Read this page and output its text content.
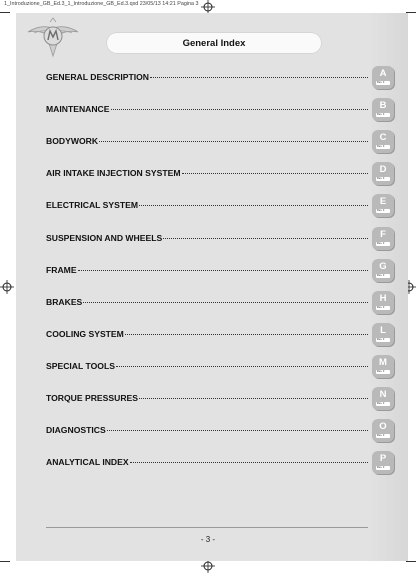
1_Introduzione_GB_Ed.3_1_Introduzione_GB_Ed.3.qxd 23/05/13 14:21 Pagina 3
General Index
GENERAL DESCRIPTION	A
Rev. 3
MAINTENANCE	B
Rev. 3
BODYWORK	C
Rev. 3
AIR INTAKE INJECTION SYSTEM	D
Rev. 3
ELECTRICAL SYSTEM	E
Rev. 3
SUSPENSION AND WHEELS	F
Rev. 3
FRAME	G
Rev. 3
BRAKES	H
Rev. 3
COOLING SYSTEM	L
Rev. 3
SPECIAL TOOLS	M
Rev. 3
TORQUE PRESSURES	N
Rev. 3
DIAGNOSTICS	O
Rev. 3
ANALYTICAL INDEX	P
Rev. 3
- 3 -
